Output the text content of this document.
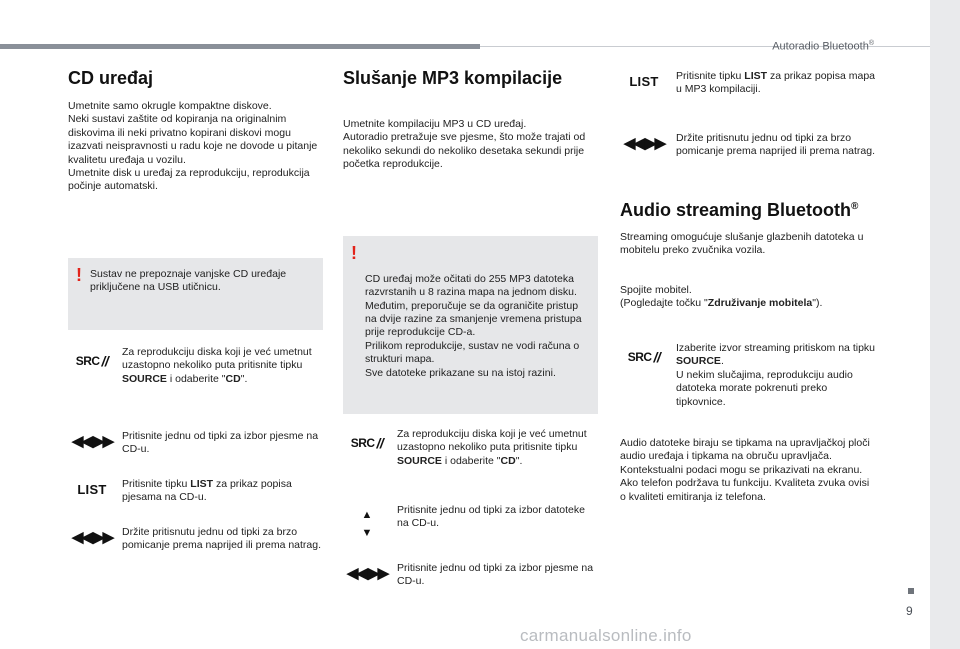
Autoradio Bluetooth®
9
CD uređaj
Umetnite samo okrugle kompaktne diskove.
Neki sustavi zaštite od kopiranja na originalnim diskovima ili neki privatno kopirani diskovi mogu izazvati neispravnosti u radu koje ne dovode u pitanje kvalitetu uređaja u vozilu.
Umetnite disk u uređaj za reprodukciju, reprodukcija počinje automatski.
! Sustav ne prepoznaje vanjske CD uređaje priključene na USB utičnicu.
SRC //
Za reprodukciju diska koji je već umetnut uzastopno nekoliko puta pritisnite tipku SOURCE i odaberite "CD".
◀◀ ▶▶ Pritisnite jednu od tipki za izbor pjesme na CD-u.
LIST	Pritisnite tipku LIST za prikaz popisa pjesama na CD-u.
◀◀ ▶▶ Držite pritisnutu jednu od tipki za brzo pomicanje prema naprijed ili prema natrag.
Slušanje MP3 kompilacije
Umetnite kompilaciju MP3 u CD uređaj.
Autoradio pretražuje sve pjesme, što može trajati od nekoliko sekundi do nekoliko desetaka sekundi prije početka reprodukcije.

!

CD uređaj može očitati do 255 MP3 datoteka razvrstanih u 8 razina mapa na jednom disku.
Međutim, preporučuje se da ograničite pristup na dvije razine za smanjenje vremena pristupa prije reprodukcije CD-a.
Prilikom reprodukcije, sustav ne vodi računa o strukturi mapa.
Sve datoteke prikazane su na istoj razini.

SRC //
Za reprodukciju diska koji je već umetnut uzastopno nekoliko puta pritisnite tipku SOURCE i odaberite "CD".
▲
▼
Pritisnite jednu od tipki za izbor datoteke na CD-u.
◀◀ ▶▶ Pritisnite jednu od tipki za izbor pjesme na CD-u.
LIST	Pritisnite tipku LIST za prikaz popisa mapa u MP3 kompilaciji.
◀◀ ▶▶	Držite pritisnutu jednu od tipki za brzo pomicanje prema naprijed ili prema natrag.
Audio streaming Bluetooth®
Streaming omogućuje slušanje glazbenih datoteka u mobitelu preko zvučnika vozila.
Spojite mobitel.
(Pogledajte točku "Združivanje mobitela").
SRC //
Izaberite izvor streaming pritiskom na tipku SOURCE.
U nekim slučajima, reprodukciju audio datoteka morate pokrenuti preko tipkovnice.
Audio datoteke biraju se tipkama na upravljačkoj ploči audio uređaja i tipkama na obruču upravljača. Kontekstualni podaci mogu se prikazivati na ekranu.
Ako telefon podržava tu funkciju. Kvaliteta zvuka ovisi o kvaliteti emitiranja iz telefona.
carmanualsonline.info
